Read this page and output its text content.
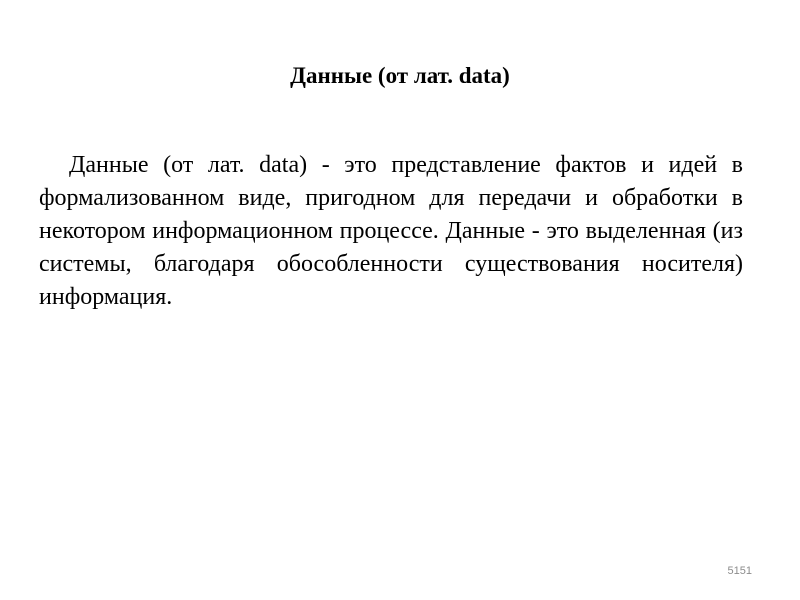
Данные (от лат. data)

Данные (от лат. data) - это представление фактов и идей в формализованном виде, пригодном для передачи и обработки в некотором информационном процессе. Данные - это выделенная (из системы, благодаря обособленности существования носителя) информация.

5151
